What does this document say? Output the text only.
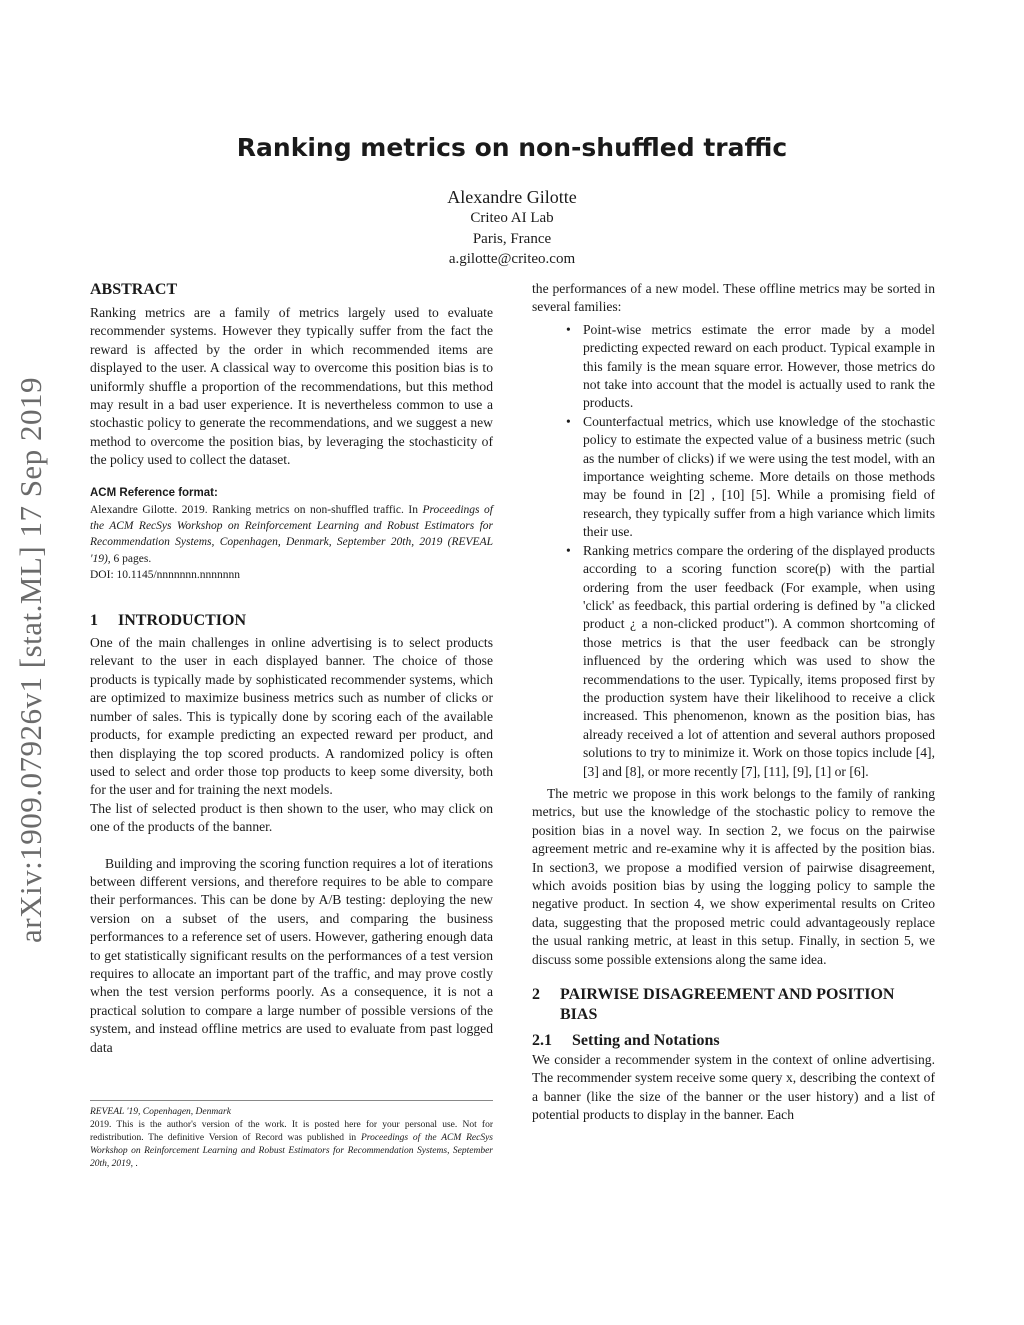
arXiv:1909.07926v1 [stat.ML] 17 Sep 2019
Ranking metrics on non-shuffled traffic
Alexandre Gilotte
Criteo AI Lab
Paris, France
a.gilotte@criteo.com
ABSTRACT

Ranking metrics are a family of metrics largely used to evaluate recommender systems. However they typically suffer from the fact the reward is affected by the order in which recommended items are displayed to the user. A classical way to overcome this position bias is to uniformly shuffle a proportion of the recommendations, but this method may result in a bad user experience. It is nevertheless common to use a stochastic policy to generate the recommendations, and we suggest a new method to overcome the position bias, by leveraging the stochasticity of the policy used to collect the dataset.

ACM Reference format:
Alexandre Gilotte. 2019. Ranking metrics on non-shuffled traffic. In Proceedings of the ACM RecSys Workshop on Reinforcement Learning and Robust Estimators for Recommendation Systems, Copenhagen, Denmark, September 20th, 2019 (REVEAL '19), 6 pages.
DOI: 10.1145/nnnnnnn.nnnnnnn
1 INTRODUCTION

One of the main challenges in online advertising is to select products relevant to the user in each displayed banner. The choice of those products is typically made by sophisticated recommender systems, which are optimized to maximize business metrics such as number of clicks or number of sales. This is typically done by scoring each of the available products, for example predicting an expected reward per product, and then displaying the top scored products. A randomized policy is often used to select and order those top products to keep some diversity, both for the user and for training the next models.

The list of selected product is then shown to the user, who may click on one of the products of the banner.

Building and improving the scoring function requires a lot of iterations between different versions, and therefore requires to be able to compare their performances. This can be done by A/B testing: deploying the new version on a subset of the users, and comparing the business performances to a reference set of users. However, gathering enough data to get statistically significant results on the performances of a test version requires to allocate an important part of the traffic, and may prove costly when the test version performs poorly. As a consequence, it is not a practical solution to compare a large number of possible versions of the system, and instead offline metrics are used to evaluate from past logged data

the performances of a new model. These offline metrics may be sorted in several families:

• Point-wise metrics estimate the error made by a model predicting expected reward on each product. Typical example in this family is the mean square error. However, those metrics do not take into account that the model is actually used to rank the products.
• Counterfactual metrics, which use knowledge of the stochastic policy to estimate the expected value of a business metric (such as the number of clicks) if we were using the test model, with an importance weighting scheme. More details on those methods may be found in [2] , [10] [5]. While a promising field of research, they typically suffer from a high variance which limits their use.
• Ranking metrics compare the ordering of the displayed products according to a scoring function score(p) with the partial ordering from the user feedback (For example, when using 'click' as feedback, this partial ordering is defined by "a clicked product ¿ a non-clicked product"). A common shortcoming of those metrics is that the user feedback can be strongly influenced by the ordering which was used to show the recommendations to the user. Typically, items proposed first by the production system have their likelihood to receive a click increased. This phenomenon, known as the position bias, has already received a lot of attention and several authors proposed solutions to try to minimize it. Work on those topics include [4], [3] and [8], or more recently [7], [11], [9], [1] or [6].

The metric we propose in this work belongs to the family of ranking metrics, but use the knowledge of the stochastic policy to remove the position bias in a novel way. In section 2, we focus on the pairwise agreement metric and re-examine why it is affected by the position bias. In section3, we propose a modified version of pairwise disagreement, which avoids position bias by using the logging policy to sample the negative product. In section 4, we show experimental results on Criteo data, suggesting that the proposed metric could advantageously replace the usual ranking metric, at least in this setup. Finally, in section 5, we discuss some possible extensions along the same idea.

2	PAIRWISE DISAGREEMENT AND POSITION BIAS
2.1 Setting and Notations

We consider a recommender system in the context of online advertising. The recommender system receive some query x, describing the context of a banner (like the size of the banner or the user history) and a list of potential products to display in the banner. Each

REVEAL '19, Copenhagen, Denmark
2019. This is the author's version of the work. It is posted here for your personal use. Not for redistribution. The definitive Version of Record was published in Proceedings of the ACM RecSys Workshop on Reinforcement Learning and Robust Estimators for Recommendation Systems, September 20th, 2019, .
